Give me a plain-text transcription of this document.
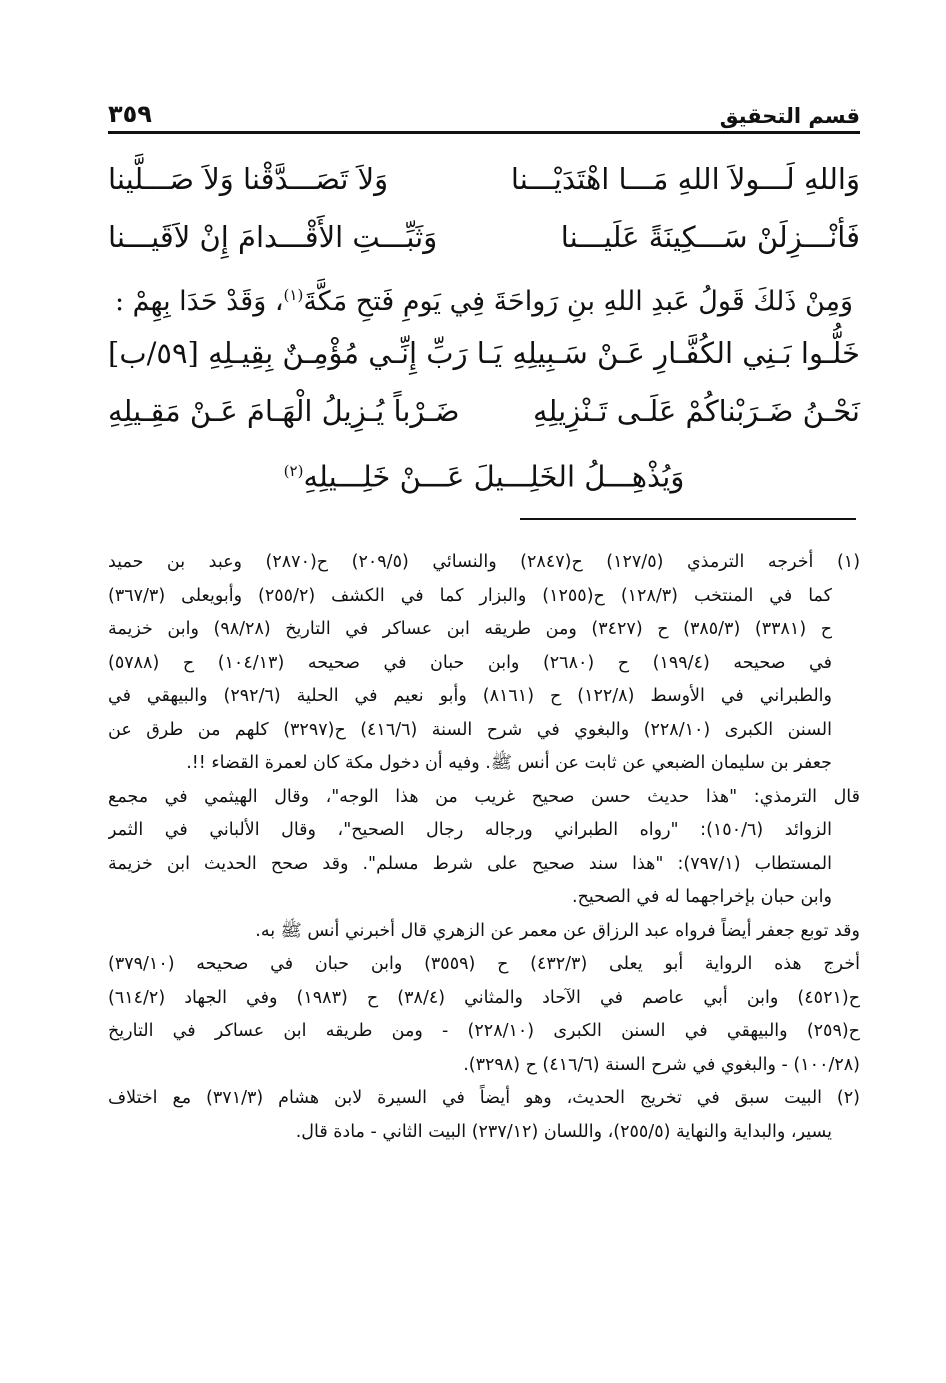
قسم التحقيق
٣٥٩
وَاللهِ لَـــولاَ اللهِ مَـــا اهْتَدَيْـــنا
وَلاَ تَصَـــدَّقْنا وَلاَ صَـــلَّينا
فَأنْـــزِلَنْ سَـــكِينَةً عَلَيـــنا
وَثَبِّـــتِ الأَقْـــدامَ إِنْ لاَقَيـــنا
وَمِنْ ذَلكَ قَولُ عَبدِ اللهِ بنِ رَواحَةَ فِي يَومِ فَتحِ مَكَّةَ$^{(١)}$، وَقَدْ حَدَا بِهِمْ :
خَلُّـوا بَـنِي الكُفَّـارِ عَـنْ سَـبِيلِهِ
يَـا رَبِّ إِنِّـي مُؤْمِـنٌ بِقِيـلِهِ [٥٩/ب]
نَحْـنُ ضَـرَبْناكُمْ عَلَـى تَـنْزِيلِهِ
ضَـرْباً يُـزِيلُ الْهَـامَ عَـنْ مَقِـيلِهِ
وَيُذْهِـــلُ الخَلِـــيلَ عَـــنْ خَلِـــيلِهِ$^{(٢)}$
(١) أخرجه الترمذي (١٢٧/٥) ح(٢٨٤٧) والنسائي (٢٠٩/٥) ح(٢٨٧٠) وعبد بن حميد
كما في المنتخب (١٢٨/٣) ح(١٢٥٥) والبزار كما في الكشف (٢٥٥/٢) وأبويعلى (٣٦٧/٣)
ح (٣٣٨١) (٣٨٥/٣) ح (٣٤٢٧) ومن طريقه ابن عساكر في التاريخ (٩٨/٢٨) وابن خزيمة
في صحيحه (١٩٩/٤) ح (٢٦٨٠) وابن حبان في صحيحه (١٠٤/١٣) ح (٥٧٨٨)
والطبراني في الأوسط (١٢٢/٨) ح (٨١٦١) وأبو نعيم في الحلية (٢٩٢/٦) والبيهقي في
السنن الكبرى (٢٢٨/١٠) والبغوي في شرح السنة (٤١٦/٦) ح(٣٢٩٧) كلهم من طرق عن
جعفر بن سليمان الضبعي عن ثابت عن أنس ﷺ. وفيه أن دخول مكة كان لعمرة القضاء !!.
قال الترمذي: "هذا حديث حسن صحيح غريب من هذا الوجه"، وقال الهيثمي في مجمع
الزوائد (١٥٠/٦): "رواه الطبراني ورجاله رجال الصحيح"، وقال الألباني في الثمر
المستطاب (٧٩٧/١): "هذا سند صحيح على شرط مسلم". وقد صحح الحديث ابن خزيمة
وابن حبان بإخراجهما له في الصحيح.
وقد توبع جعفر أيضاً فرواه عبد الرزاق عن معمر عن الزهري قال أخبرني أنس ﷺ به.
أخرج هذه الرواية أبو يعلى (٤٣٢/٣) ح (٣٥٥٩) وابن حبان في صحيحه (٣٧٩/١٠)
ح(٤٥٢١) وابن أبي عاصم في الآحاد والمثاني (٣٨/٤) ح (١٩٨٣) وفي الجهاد (٦١٤/٢)
ح(٢٥٩) والبيهقي في السنن الكبرى (٢٢٨/١٠) - ومن طريقه ابن عساكر في التاريخ
(١٠٠/٢٨) - والبغوي في شرح السنة (٤١٦/٦) ح (٣٢٩٨).
(٢) البيت سبق في تخريج الحديث، وهو أيضاً في السيرة لابن هشام (٣٧١/٣) مع اختلاف
يسير، والبداية والنهاية (٢٥٥/٥)، واللسان (٢٣٧/١٢) البيت الثاني - مادة قال.
